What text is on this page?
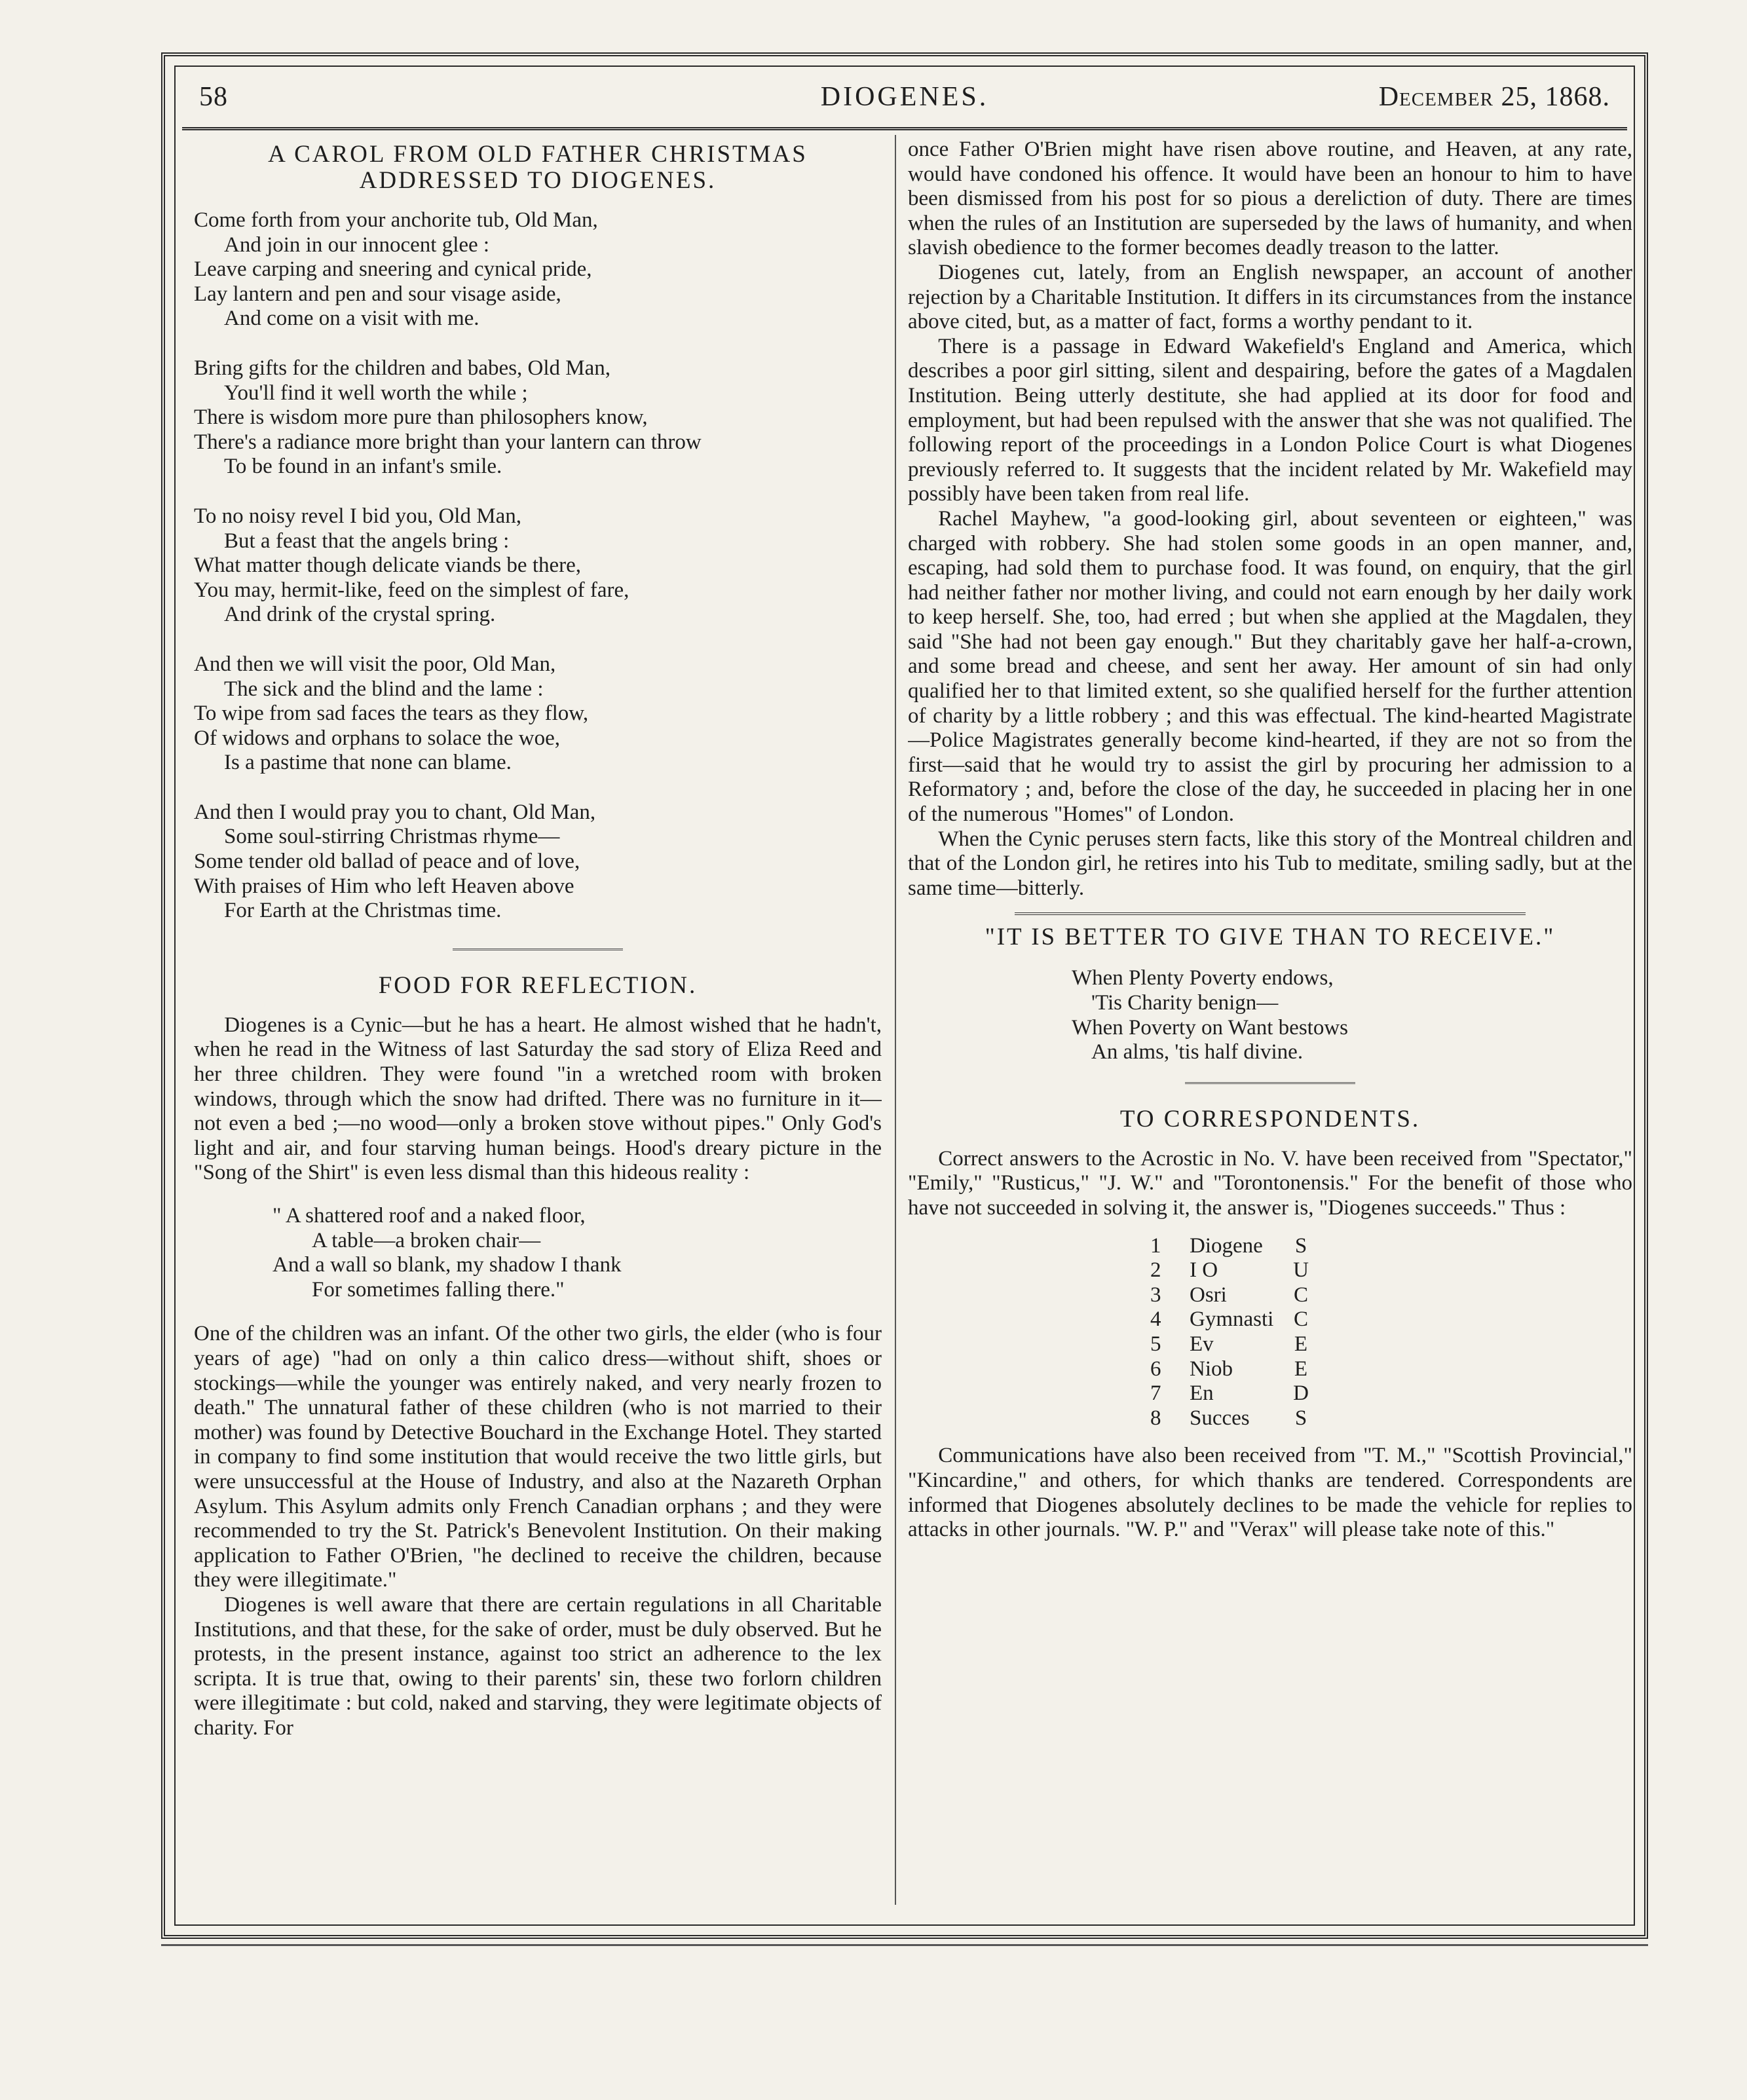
58	DIOGENES.	December 25, 1868.
A CAROL FROM OLD FATHER CHRISTMAS ADDRESSED TO DIOGENES.
Come forth from your anchorite tub, Old Man,
And join in our innocent glee :
Leave carping and sneering and cynical pride,
Lay lantern and pen and sour visage aside,
And come on a visit with me.
Bring gifts for the children and babes, Old Man,
You'll find it well worth the while ;
There is wisdom more pure than philosophers know,
There's a radiance more bright than your lantern can throw
To be found in an infant's smile.
To no noisy revel I bid you, Old Man,
But a feast that the angels bring :
What matter though delicate viands be there,
You may, hermit-like, feed on the simplest of fare,
And drink of the crystal spring.
And then we will visit the poor, Old Man,
The sick and the blind and the lame :
To wipe from sad faces the tears as they flow,
Of widows and orphans to solace the woe,
Is a pastime that none can blame.
And then I would pray you to chant, Old Man,
Some soul-stirring Christmas rhyme—
Some tender old ballad of peace and of love,
With praises of Him who left Heaven above
For Earth at the Christmas time.
FOOD FOR REFLECTION.

Diogenes is a Cynic—but he has a heart. He almost wished that he hadn't, when he read in the Witness of last Saturday the sad story of Eliza Reed and her three children. They were found "in a wretched room with broken windows, through which the snow had drifted. There was no furniture in it—not even a bed ;—no wood—only a broken stove without pipes." Only God's light and air, and four starving human beings. Hood's dreary picture in the "Song of the Shirt" is even less dismal than this hideous reality :

" A shattered roof and a naked floor,
A table—a broken chair—
And a wall so blank, my shadow I thank
For sometimes falling there."

One of the children was an infant. Of the other two girls, the elder (who is four years of age) "had on only a thin calico dress—without shift, shoes or stockings—while the younger was entirely naked, and very nearly frozen to death." The unnatural father of these children (who is not married to their mother) was found by Detective Bouchard in the Exchange Hotel. They started in company to find some institution that would receive the two little girls, but were unsuccessful at the House of Industry, and also at the Nazareth Orphan Asylum. This Asylum admits only French Canadian orphans ; and they were recommended to try the St. Patrick's Benevolent Institution. On their making application to Father O'Brien, "he declined to receive the children, because they were illegitimate."

Diogenes is well aware that there are certain regulations in all Charitable Institutions, and that these, for the sake of order, must be duly observed. But he protests, in the present instance, against too strict an adherence to the lex scripta. It is true that, owing to their parents' sin, these two forlorn children were illegitimate : but cold, naked and starving, they were legitimate objects of charity. For

once Father O'Brien might have risen above routine, and Heaven, at any rate, would have condoned his offence. It would have been an honour to him to have been dismissed from his post for so pious a dereliction of duty. There are times when the rules of an Institution are superseded by the laws of humanity, and when slavish obedience to the former becomes deadly treason to the latter.

Diogenes cut, lately, from an English newspaper, an account of another rejection by a Charitable Institution. It differs in its circumstances from the instance above cited, but, as a matter of fact, forms a worthy pendant to it.

There is a passage in Edward Wakefield's England and America, which describes a poor girl sitting, silent and despairing, before the gates of a Magdalen Institution. Being utterly destitute, she had applied at its door for food and employment, but had been repulsed with the answer that she was not qualified. The following report of the proceedings in a London Police Court is what Diogenes previously referred to. It suggests that the incident related by Mr. Wakefield may possibly have been taken from real life.

Rachel Mayhew, "a good-looking girl, about seventeen or eighteen," was charged with robbery. She had stolen some goods in an open manner, and, escaping, had sold them to purchase food. It was found, on enquiry, that the girl had neither father nor mother living, and could not earn enough by her daily work to keep herself. She, too, had erred ; but when she applied at the Magdalen, they said "She had not been gay enough." But they charitably gave her half-a-crown, and some bread and cheese, and sent her away. Her amount of sin had only qualified her to that limited extent, so she qualified herself for the further attention of charity by a little robbery ; and this was effectual. The kind-hearted Magistrate—Police Magistrates generally become kind-hearted, if they are not so from the first—said that he would try to assist the girl by procuring her admission to a Reformatory ; and, before the close of the day, he succeeded in placing her in one of the numerous "Homes" of London.

When the Cynic peruses stern facts, like this story of the Montreal children and that of the London girl, he retires into his Tub to meditate, smiling sadly, but at the same time—bitterly.

"IT IS BETTER TO GIVE THAN TO RECEIVE."
When Plenty Poverty endows,
'Tis Charity benign—
When Poverty on Want bestows
An alms, 'tis half divine.
TO CORRESPONDENTS.

Correct answers to the Acrostic in No. V. have been received from "Spectator," "Emily," "Rusticus," "J. W." and "Torontonensis." For the benefit of those who have not succeeded in solving it, the answer is, "Diogenes succeeds." Thus :

1 Diogene S
2 I O	U
3 Osri	C
4 Gymnasti C
5 Ev	E
6 Niob	E
7 En	D
8 Succes S

Communications have also been received from "T. M.," "Scottish Provincial," "Kincardine," and others, for which thanks are tendered. Correspondents are informed that Diogenes absolutely declines to be made the vehicle for replies to attacks in other journals. "W. P." and "Verax" will please take note of this."
